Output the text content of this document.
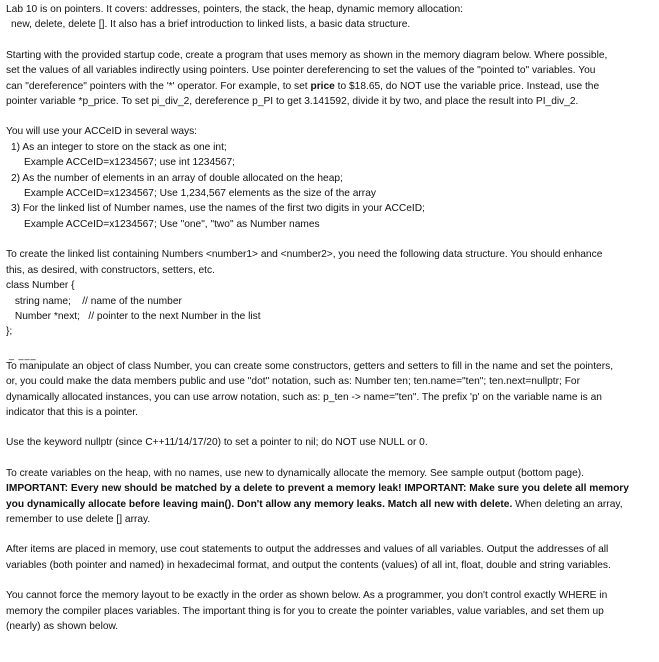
Lab 10 is on pointers. It covers: addresses, pointers, the stack, the heap, dynamic memory allocation:

new, delete, delete []. It also has a brief introduction to linked lists, a basic data structure.

Starting with the provided startup code, create a program that uses memory as shown in the memory diagram below. Where possible,

set the values of all variables indirectly using pointers. Use pointer dereferencing to set the values of the "pointed to" variables. You

can "dereference" pointers with the '*' operator. For example, to set price to $18.65, do NOT use the variable price. Instead, use the

pointer variable *p_price. To set pi_div_2, dereference p_PI to get 3.141592, divide it by two, and place the result into PI_div_2.

You will use your ACCeID in several ways:

1) As an integer to store on the stack as one int;

Example ACCeID=x1234567; use int 1234567;

2) As the number of elements in an array of double allocated on the heap;

Example ACCeID=x1234567; Use 1,234,567 elements as the size of the array

3) For the linked list of Number names, use the names of the first two digits in your ACCeID;

Example ACCeID=x1234567; Use "one", "two" as Number names

To create the linked list containing Numbers <number1> and <number2>, you need the following data structure. You should enhance

this, as desired, with constructors, setters, etc.

class Number {

string name;    // name of the number

Number *next;   // pointer to the next Number in the list

};

_ ___

To manipulate an object of class Number, you can create some constructors, getters and setters to fill in the name and set the pointers,

or, you could make the data members public and use "dot" notation, such as: Number ten; ten.name="ten"; ten.next=nullptr; For

dynamically allocated instances, you can use arrow notation, such as: p_ten -> name="ten". The prefix 'p' on the variable name is an

indicator that this is a pointer.

Use the keyword nullptr (since C++11/14/17/20) to set a pointer to nil; do NOT use NULL or 0.

To create variables on the heap, with no names, use new to dynamically allocate the memory. See sample output (bottom page).

IMPORTANT: Every new should be matched by a delete to prevent a memory leak! IMPORTANT: Make sure you delete all memory

you dynamically allocate before leaving main(). Don't allow any memory leaks. Match all new with delete. When deleting an array,

remember to use delete [] array.

After items are placed in memory, use cout statements to output the addresses and values of all variables. Output the addresses of all

variables (both pointer and named) in hexadecimal format, and output the contents (values) of all int, float, double and string variables.

You cannot force the memory layout to be exactly in the order as shown below. As a programmer, you don't control exactly WHERE in

memory the compiler places variables. The important thing is for you to create the pointer variables, value variables, and set them up

(nearly) as shown below.
